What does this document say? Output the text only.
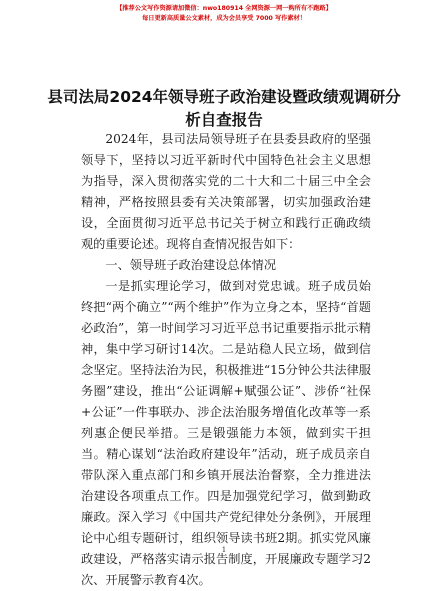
【推荐公文写作资源请加微信：nwo180914 全网资源一网一购所有不跑路】
每日更新高质量公文素材，成为会员享受 7000 写作素材！
县司法局2024年领导班子政治建设暨政绩观调研分析自查报告

2024年，县司法局领导班子在县委县政府的坚强领导下，坚持以习近平新时代中国特色社会主义思想为指导，深入贯彻落实党的二十大和二十届三中全会精神，严格按照县委有关决策部署，切实加强政治建设，全面贯彻习近平总书记关于树立和践行正确政绩观的重要论述。现将自查情况报告如下：

一、领导班子政治建设总体情况

一是抓实理论学习，做到对党忠诚。班子成员始终把“两个确立”“两个维护”作为立身之本，坚持“首题必政治”，第一时间学习习近平总书记重要指示批示精神，集中学习研讨14次。二是站稳人民立场，做到信念坚定。坚持法治为民，积极推进“15分钟公共法律服务圈”建设，推出“公证调解+赋强公证”、涉侨“社保+公证”一件事联办、涉企法治服务增值化改革等一系列惠企便民举措。三是锻强能力本领，做到实干担当。精心谋划“法治政府建设年”活动，班子成员亲自带队深入重点部门和乡镇开展法治督察，全力推进法治建设各项重点工作。四是加强党纪学习，做到勤政廉政。深入学习《中国共产党纪律处分条例》，开展理论中心组专题研讨，组织领导读书班2期。抓实党风廉政建设，严格落实请示报告制度，开展廉政专题学习2次、开展警示教育4次。

1
